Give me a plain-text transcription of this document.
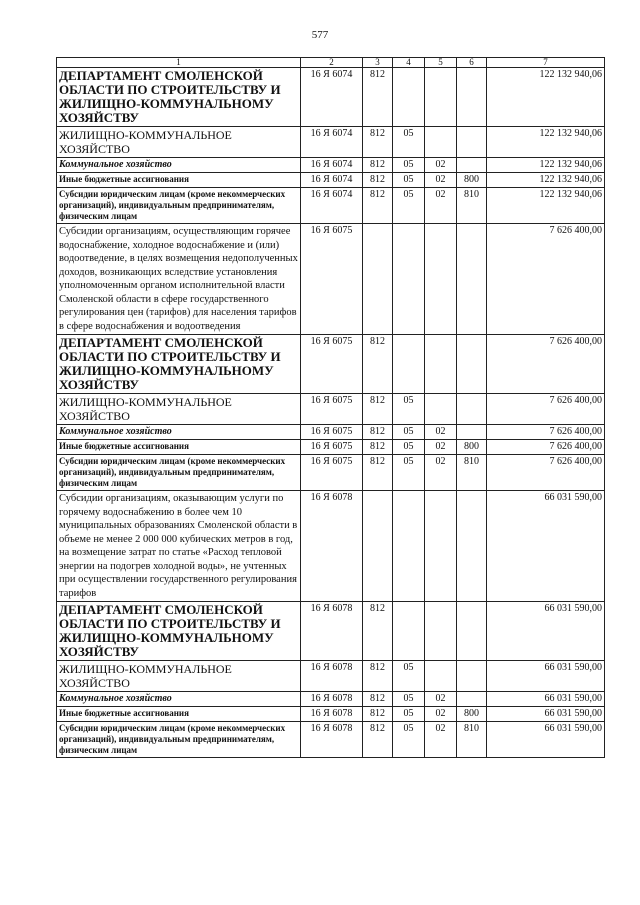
577
1	2	3	4	5	6	7
ДЕПАРТАМЕНТ СМОЛЕНСКОЙ ОБЛАСТИ ПО СТРОИТЕЛЬСТВУ И ЖИЛИЩНО-КОММУНАЛЬНОМУ ХОЗЯЙСТВУ	16 Я 6074	812				122 132 940,06
ЖИЛИЩНО-КОММУНАЛЬНОЕ ХОЗЯЙСТВО	16 Я 6074	812	05			122 132 940,06
Коммунальное хозяйство	16 Я 6074	812	05	02		122 132 940,06
Иные бюджетные ассигнования	16 Я 6074	812	05	02	800	122 132 940,06
Субсидии юридическим лицам (кроме некоммерческих организаций), индивидуальным предпринимателям, физическим лицам	16 Я 6074	812	05	02	810	122 132 940,06
Субсидии организациям, осуществляющим горячее водоснабжение, холодное водоснабжение и (или) водоотведение, в целях возмещения недополученных доходов, возникающих вследствие установления уполномоченным органом исполнительной власти Смоленской области в сфере государственного регулирования цен (тарифов) для населения тарифов в сфере водоснабжения и водоотведения	16 Я 6075					7 626 400,00
ДЕПАРТАМЕНТ СМОЛЕНСКОЙ ОБЛАСТИ ПО СТРОИТЕЛЬСТВУ И ЖИЛИЩНО-КОММУНАЛЬНОМУ ХОЗЯЙСТВУ	16 Я 6075	812				7 626 400,00
ЖИЛИЩНО-КОММУНАЛЬНОЕ ХОЗЯЙСТВО	16 Я 6075	812	05			7 626 400,00
Коммунальное хозяйство	16 Я 6075	812	05	02		7 626 400,00
Иные бюджетные ассигнования	16 Я 6075	812	05	02	800	7 626 400,00
Субсидии юридическим лицам (кроме некоммерческих организаций), индивидуальным предпринимателям, физическим лицам	16 Я 6075	812	05	02	810	7 626 400,00
Субсидии организациям, оказывающим услуги по горячему водоснабжению в более чем 10 муниципальных образованиях Смоленской области в объеме не менее 2 000 000 кубических метров в год, на возмещение затрат по статье «Расход тепловой энергии на подогрев холодной воды», не учтенных при осуществлении государственного регулирования тарифов	16 Я 6078					66 031 590,00
ДЕПАРТАМЕНТ СМОЛЕНСКОЙ ОБЛАСТИ ПО СТРОИТЕЛЬСТВУ И ЖИЛИЩНО-КОММУНАЛЬНОМУ ХОЗЯЙСТВУ	16 Я 6078	812				66 031 590,00
ЖИЛИЩНО-КОММУНАЛЬНОЕ ХОЗЯЙСТВО	16 Я 6078	812	05			66 031 590,00
Коммунальное хозяйство	16 Я 6078	812	05	02		66 031 590,00
Иные бюджетные ассигнования	16 Я 6078	812	05	02	800	66 031 590,00
Субсидии юридическим лицам (кроме некоммерческих организаций), индивидуальным предпринимателям, физическим лицам	16 Я 6078	812	05	02	810	66 031 590,00
